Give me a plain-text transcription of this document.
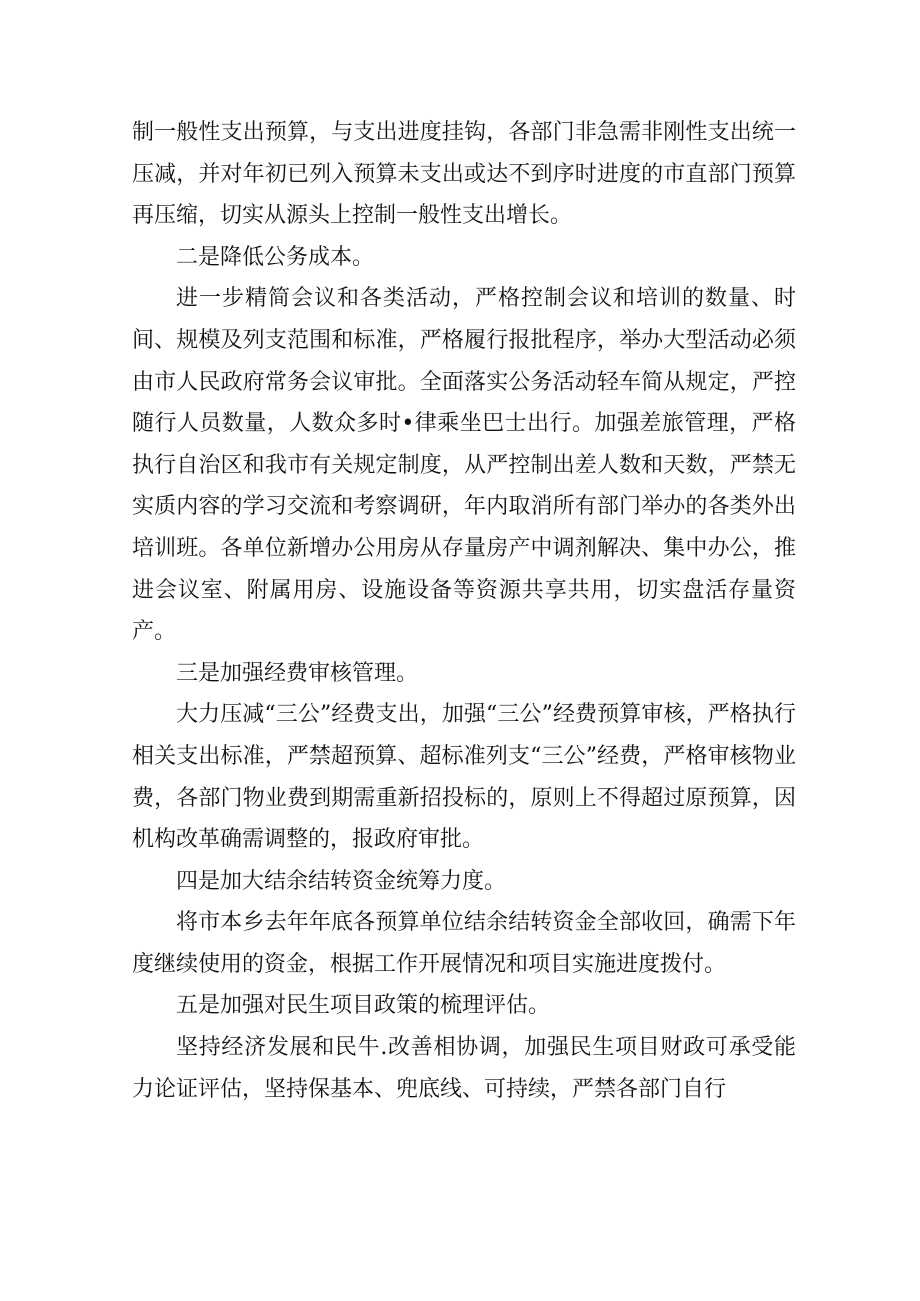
制一般性支出预算，与支出进度挂钩，各部门非急需非刚性支出统一压减，并对年初已列入预算未支出或达不到序时进度的市直部门预算再压缩，切实从源头上控制一般性支出增长。

二是降低公务成本。

进一步精简会议和各类活动，严格控制会议和培训的数量、时间、规模及列支范围和标准，严格履行报批程序，举办大型活动必须由市人民政府常务会议审批。全面落实公务活动轻车简从规定，严控随行人员数量，人数众多时•律乘坐巴士出行。加强差旅管理，严格执行自治区和我市有关规定制度，从严控制出差人数和天数，严禁无实质内容的学习交流和考察调研，年内取消所有部门举办的各类外出培训班。各单位新增办公用房从存量房产中调剂解决、集中办公，推进会议室、附属用房、设施设备等资源共享共用，切实盘活存量资产。

三是加强经费审核管理。

大力压减“三公”经费支出，加强“三公”经费预算审核，严格执行相关支出标准，严禁超预算、超标准列支“三公”经费，严格审核物业费，各部门物业费到期需重新招投标的，原则上不得超过原预算，因机构改革确需调整的，报政府审批。

四是加大结余结转资金统筹力度。

将市本乡去年年底各预算单位结余结转资金全部收回，确需下年度继续使用的资金，根据工作开展情况和项目实施进度拨付。

五是加强对民生项目政策的梳理评估。

坚持经济发展和民牛.改善相协调，加强民生项目财政可承受能力论证评估，坚持保基本、兜底线、可持续，严禁各部门自行
